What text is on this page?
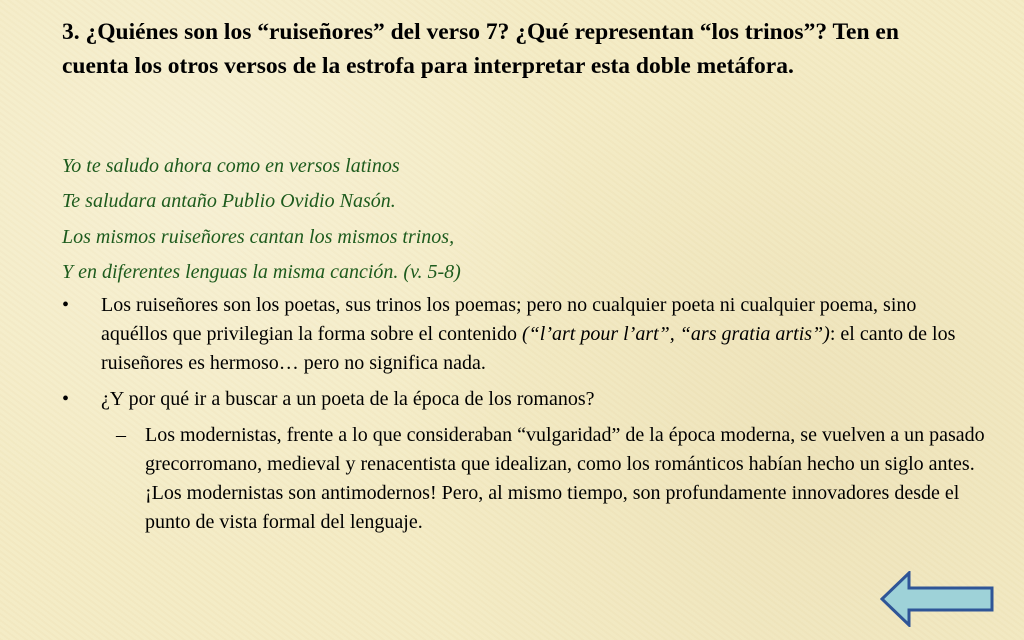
3. ¿Quiénes son los “ruiseñores” del verso 7? ¿Qué representan “los trinos”? Ten en cuenta los otros versos de la estrofa para interpretar esta doble metáfora.

Yo te saludo ahora como en versos latinos

Te saludara antaño Publio Ovidio Nasón.

Los mismos ruiseñores cantan los mismos trinos,

Y en diferentes lenguas la misma canción. (v. 5-8)

• Los ruiseñores son los poetas, sus trinos los poemas; pero no cualquier poeta ni cualquier poema, sino aquéllos que privilegian la forma sobre el contenido (“l’art pour l’art”, “ars gratia artis”): el canto de los ruiseñores es hermoso… pero no significa nada.
• ¿Y por qué ir a buscar a un poeta de la época de los romanos?
– Los modernistas, frente a lo que consideraban “vulgaridad” de la época moderna, se vuelven a un pasado grecorromano, medieval y renacentista que idealizan, como los románticos habían hecho un siglo antes. ¡Los modernistas son antimodernos! Pero, al mismo tiempo, son profundamente innovadores desde el punto de vista formal del lenguaje.
